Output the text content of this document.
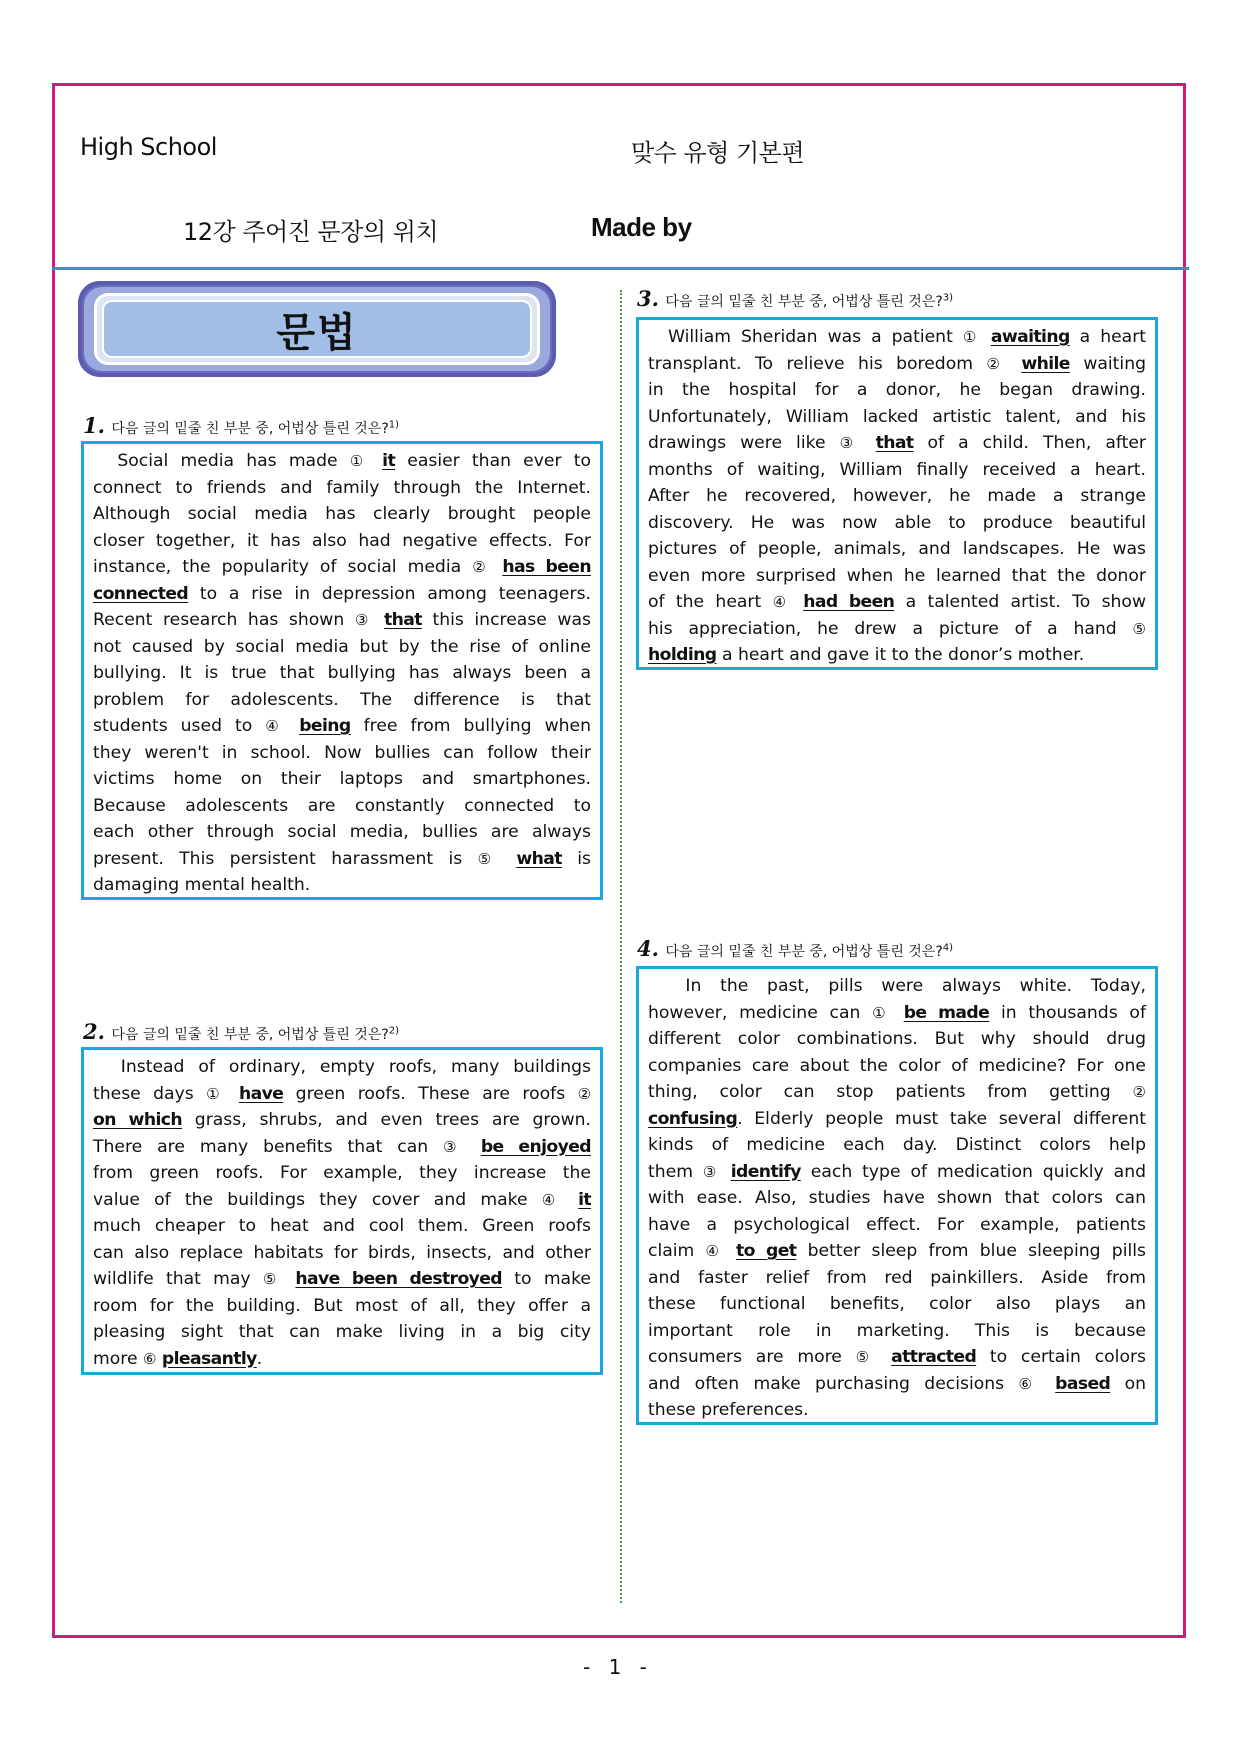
High School	맞수 유형 기본편
12강 주어진 문장의 위치	Made by
문법
1. 다음 글의 밑줄 친 부분 중, 어법상 틀린 것은?$^{1)}$
Social media has made ① it easier than ever to
connect to friends and family through the Internet.
Although social media has clearly brought people
closer together, it has also had negative effects. For
instance, the popularity of social media ② has been
connected to a rise in depression among teenagers.
Recent research has shown ③ that this increase was
not caused by social media but by the rise of online
bullying. It is true that bullying has always been a
problem for adolescents. The difference is that
students used to ④ being free from bullying when
they weren't in school. Now bullies can follow their
victims home on their laptops and smartphones.
Because adolescents are constantly connected to
each other through social media, bullies are always
present. This persistent harassment is ⑤ what is
damaging mental health.
2. 다음 글의 밑줄 친 부분 중, 어법상 틀린 것은?$^{2)}$
Instead of ordinary, empty roofs, many buildings
these days ① have green roofs. These are roofs ②
on which grass, shrubs, and even trees are grown.
There are many benefits that can ③ be enjoyed
from green roofs. For example, they increase the
value of the buildings they cover and make ④ it
much cheaper to heat and cool them. Green roofs
can also replace habitats for birds, insects, and other
wildlife that may ⑤ have been destroyed to make
room for the building. But most of all, they offer a
pleasing sight that can make living in a big city
more ⑥ pleasantly.
3. 다음 글의 밑줄 친 부분 중, 어법상 틀린 것은?$^{3)}$
William Sheridan was a patient ① awaiting a heart
transplant. To relieve his boredom ② while waiting
in the hospital for a donor, he began drawing.
Unfortunately, William lacked artistic talent, and his
drawings were like ③ that of a child. Then, after
months of waiting, William finally received a heart.
After he recovered, however, he made a strange
discovery. He was now able to produce beautiful
pictures of people, animals, and landscapes. He was
even more surprised when he learned that the donor
of the heart ④ had been a talented artist. To show
his appreciation, he drew a picture of a hand ⑤
holding a heart and gave it to the donor’s mother.
4. 다음 글의 밑줄 친 부분 중, 어법상 틀린 것은?$^{4)}$
In the past, pills were always white. Today,
however, medicine can ① be made in thousands of
different color combinations. But why should drug
companies care about the color of medicine? For one
thing, color can stop patients from getting ②
confusing. Elderly people must take several different
kinds of medicine each day. Distinct colors help
them ③ identify each type of medication quickly and
with ease. Also, studies have shown that colors can
have a psychological effect. For example, patients
claim ④ to get better sleep from blue sleeping pills
and faster relief from red painkillers. Aside from
these functional benefits, color also plays an
important role in marketing. This is because
consumers are more ⑤ attracted to certain colors
and often make purchasing decisions ⑥ based on
these preferences.
- 1 -
